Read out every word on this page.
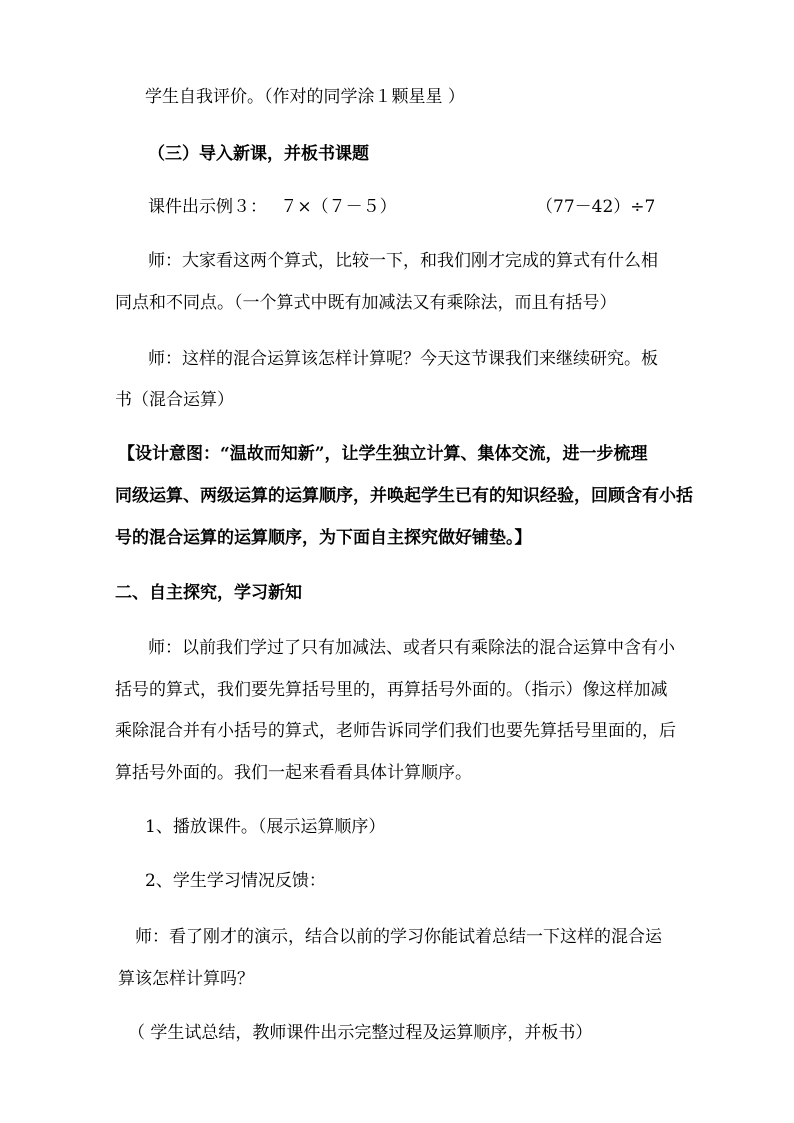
学生自我评价。（作对的同学涂１颗星星 ）
（三）导入新课，并板书课题
课件出示例３： ７×（７－５）	（77－42）÷7
师：大家看这两个算式，比较一下，和我们刚才完成的算式有什么相
同点和不同点。（一个算式中既有加减法又有乘除法，而且有括号）
师：这样的混合运算该怎样计算呢？今天这节课我们来继续研究。板
书（混合运算）
【设计意图：“温故而知新”，让学生独立计算、集体交流，进一步梳理
同级运算、两级运算的运算顺序，并唤起学生已有的知识经验，回顾含有小括
号的混合运算的运算顺序，为下面自主探究做好铺垫。】
二、自主探究，学习新知
师：以前我们学过了只有加减法、或者只有乘除法的混合运算中含有小
括号的算式，我们要先算括号里的，再算括号外面的。（指示）像这样加减
乘除混合并有小括号的算式，老师告诉同学们我们也要先算括号里面的，后
算括号外面的。我们一起来看看具体计算顺序。
1、播放课件。（展示运算顺序）
2、学生学习情况反馈：
师：看了刚才的演示，结合以前的学习你能试着总结一下这样的混合运
算该怎样计算吗？
（ 学生试总结，教师课件出示完整过程及运算顺序，并板书）
